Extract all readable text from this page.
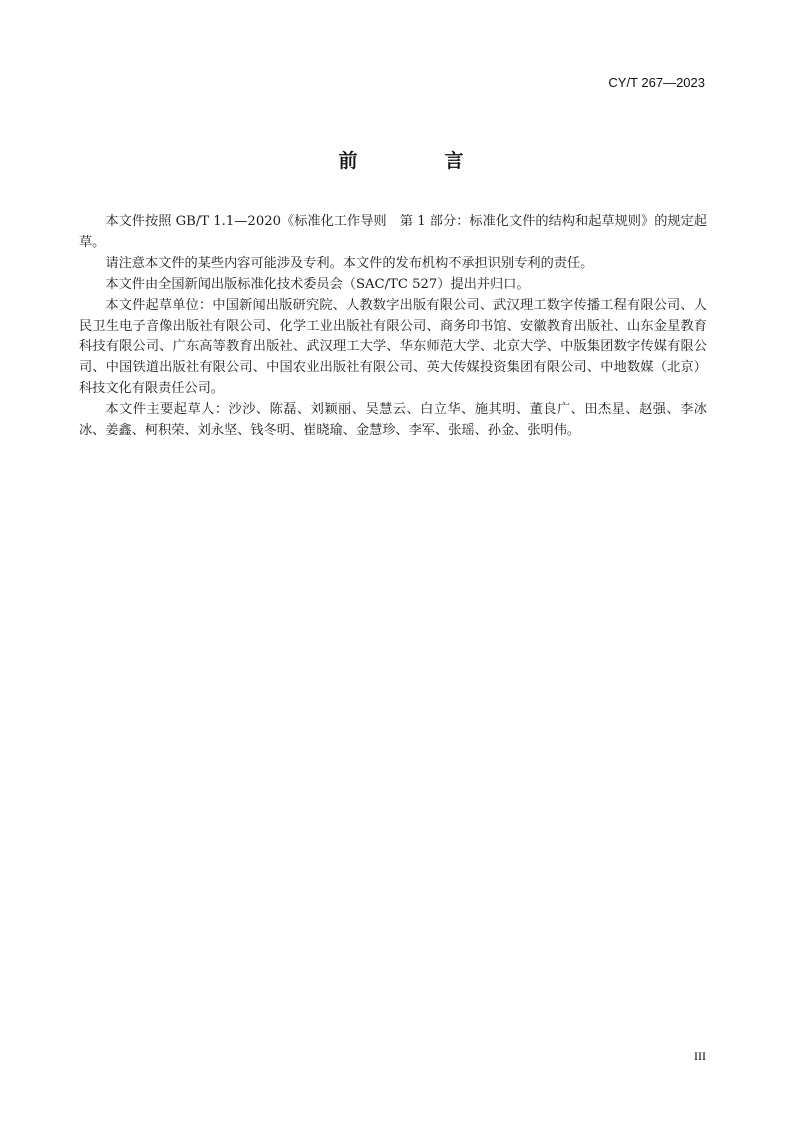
CY/T 267—2023
前　言

本文件按照 GB/T 1.1—2020《标准化工作导则　第 1 部分：标准化文件的结构和起草规则》的规定起草。

请注意本文件的某些内容可能涉及专利。本文件的发布机构不承担识别专利的责任。

本文件由全国新闻出版标准化技术委员会（SAC/TC 527）提出并归口。

本文件起草单位：中国新闻出版研究院、人教数字出版有限公司、武汉理工数字传播工程有限公司、人民卫生电子音像出版社有限公司、化学工业出版社有限公司、商务印书馆、安徽教育出版社、山东金星教育科技有限公司、广东高等教育出版社、武汉理工大学、华东师范大学、北京大学、中版集团数字传媒有限公司、中国铁道出版社有限公司、中国农业出版社有限公司、英大传媒投资集团有限公司、中地数媒（北京）科技文化有限责任公司。

本文件主要起草人：沙沙、陈磊、刘颖丽、吴慧云、白立华、施其明、董良广、田杰星、赵强、李冰冰、姜鑫、柯积荣、刘永坚、钱冬明、崔晓瑜、金慧珍、李军、张瑶、孙金、张明伟。

III
